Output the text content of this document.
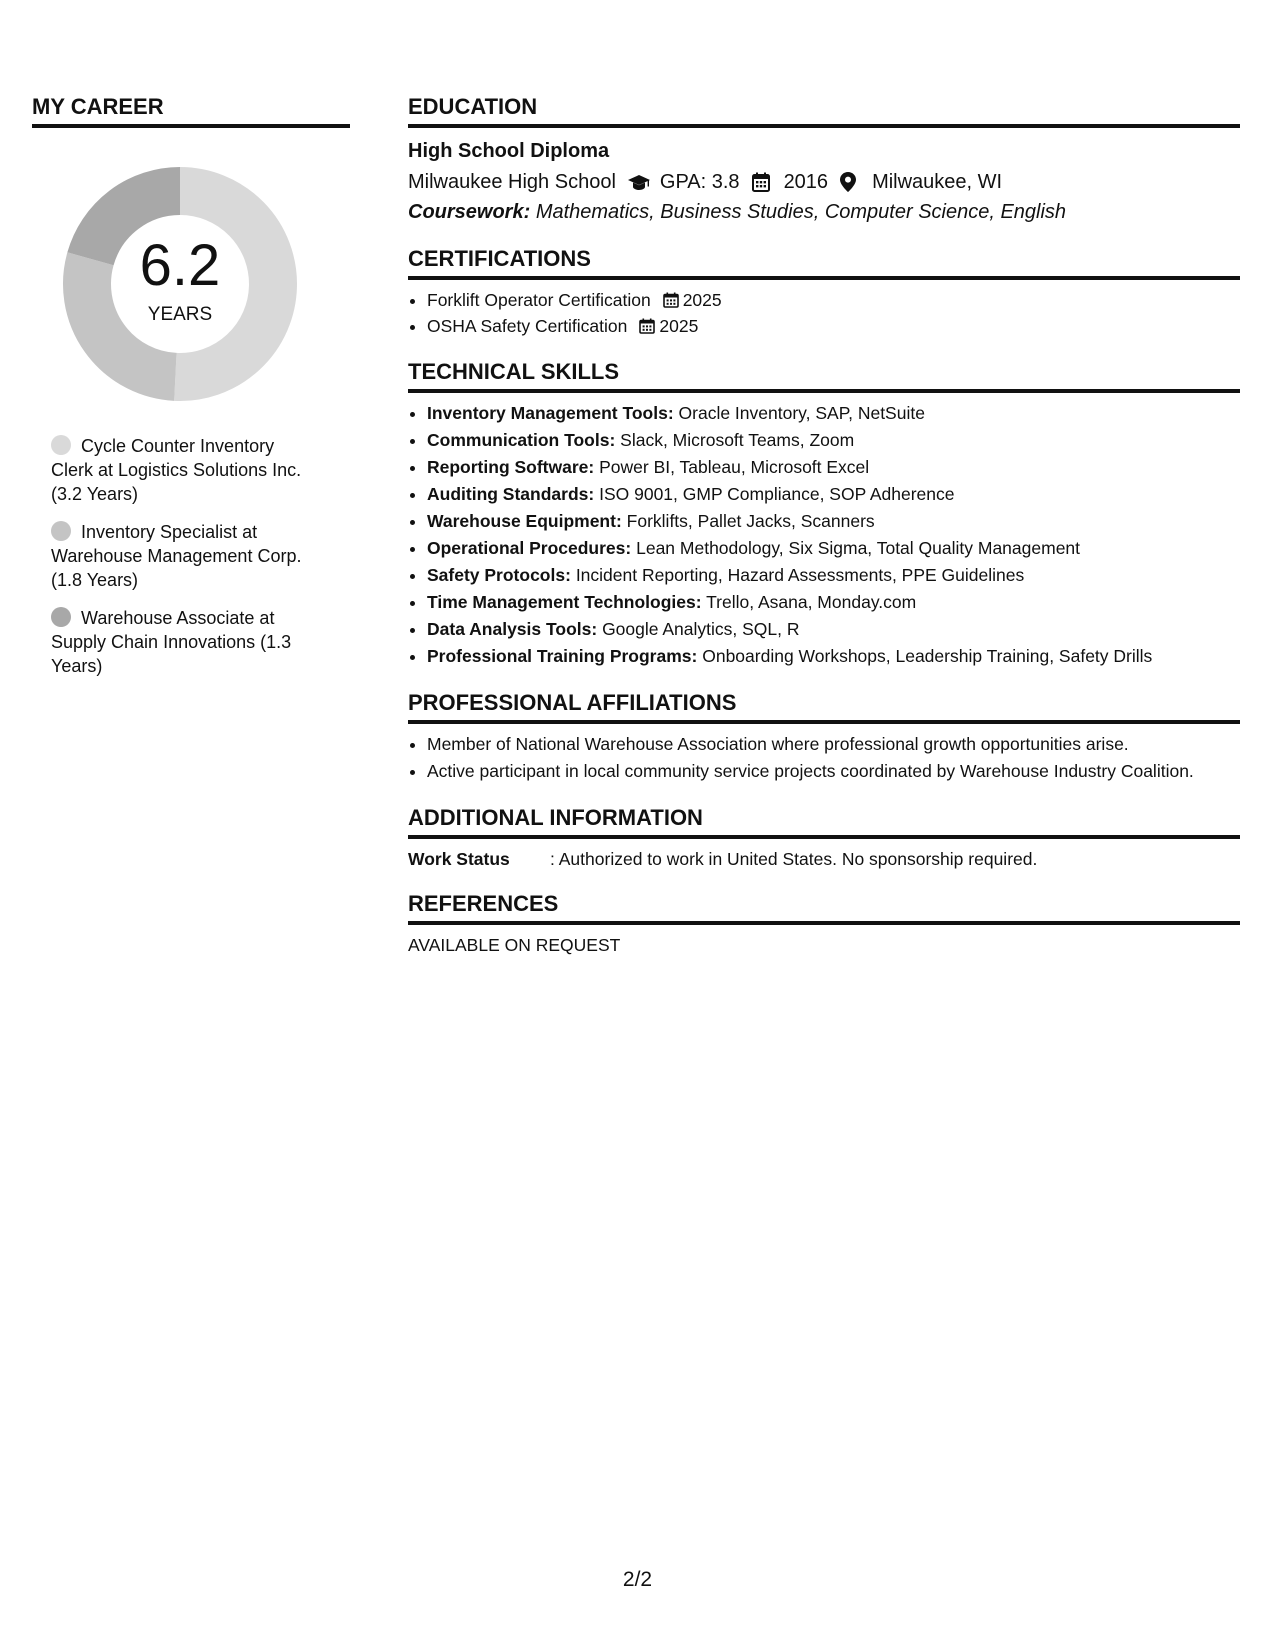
MY CAREER
6.2
YEARS
Cycle Counter Inventory Clerk at Logistics Solutions Inc. (3.2 Years)
Inventory Specialist at Warehouse Management Corp. (1.8 Years)
Warehouse Associate at Supply Chain Innovations (1.3 Years)
EDUCATION
High School Diploma
Milwaukee High School GPA: 3.8 2016 Milwaukee, WI
Coursework: Mathematics, Business Studies, Computer Science, English
CERTIFICATIONS
• Forklift Operator Certification 2025
• OSHA Safety Certification 2025
TECHNICAL SKILLS
• Inventory Management Tools: Oracle Inventory, SAP, NetSuite
• Communication Tools: Slack, Microsoft Teams, Zoom
• Reporting Software: Power BI, Tableau, Microsoft Excel
• Auditing Standards: ISO 9001, GMP Compliance, SOP Adherence
• Warehouse Equipment: Forklifts, Pallet Jacks, Scanners
• Operational Procedures: Lean Methodology, Six Sigma, Total Quality Management
• Safety Protocols: Incident Reporting, Hazard Assessments, PPE Guidelines
• Time Management Technologies: Trello, Asana, Monday.com
• Data Analysis Tools: Google Analytics, SQL, R
• Professional Training Programs: Onboarding Workshops, Leadership Training, Safety Drills
PROFESSIONAL AFFILIATIONS
• Member of National Warehouse Association where professional growth opportunities arise.
• Active participant in local community service projects coordinated by Warehouse Industry Coalition.
ADDITIONAL INFORMATION
Work Status	: Authorized to work in United States. No sponsorship required.
REFERENCES
AVAILABLE ON REQUEST
2/2
